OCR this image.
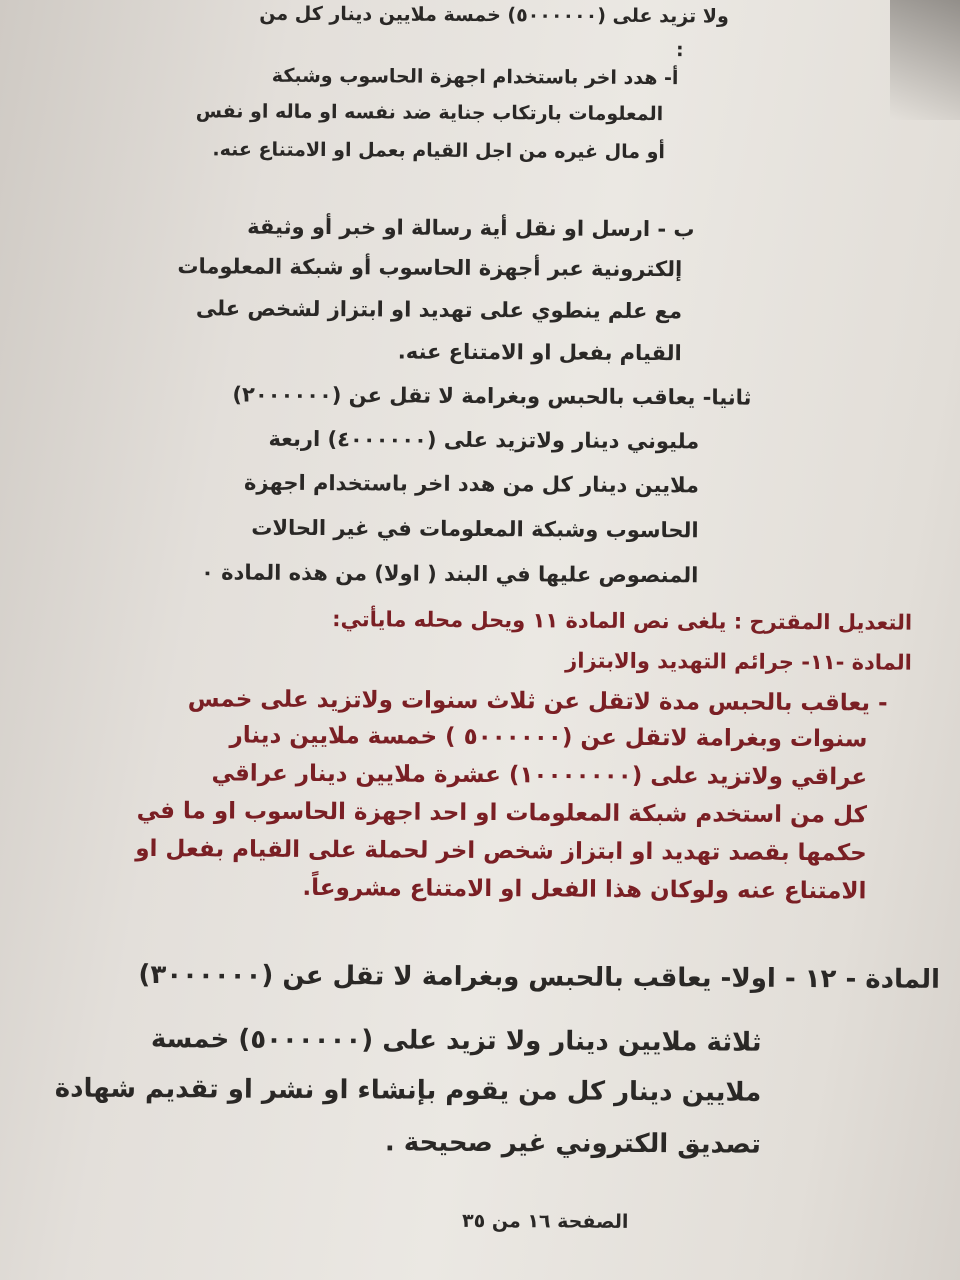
ولا تزيد على (٥٠٠٠٠٠٠) خمسة ملايين دينار كل من
:
أ- هدد اخر باستخدام اجهزة الحاسوب وشبكة
المعلومات بارتكاب جناية ضد نفسه او ماله او نفس
أو مال غيره من اجل القيام بعمل او الامتناع عنه.
ب - ارسل او نقل أية رسالة او خبر أو وثيقة
إلكترونية عبر أجهزة الحاسوب أو شبكة المعلومات
مع علم ينطوي على تهديد او ابتزاز لشخص على
القيام بفعل او الامتناع عنه.
ثانيا- يعاقب بالحبس وبغرامة لا تقل عن (٢٠٠٠٠٠٠)
مليوني دينار ولاتزيد على (٤٠٠٠٠٠٠) اربعة
ملايين دينار كل من هدد اخر باستخدام اجهزة
الحاسوب وشبكة المعلومات في غير الحالات
المنصوص عليها في البند ( اولا) من هذه المادة ٠
التعديل المقترح : يلغى نص المادة ١١ ويحل محله مايأتي:
المادة -١١- جرائم التهديد والابتزاز
- يعاقب بالحبس مدة لاتقل عن ثلاث سنوات ولاتزيد على خمس
سنوات وبغرامة لاتقل عن (٥٠٠٠٠٠٠ ) خمسة ملايين دينار
عراقي ولاتزيد على (١٠٠٠٠٠٠٠) عشرة ملايين دينار عراقي
كل من استخدم شبكة المعلومات او احد اجهزة الحاسوب او ما في
حكمها بقصد تهديد او ابتزاز شخص اخر لحملة على القيام بفعل او
الامتناع عنه ولوكان هذا الفعل او الامتناع مشروعاً.
المادة - ١٢ - اولا- يعاقب بالحبس وبغرامة لا تقل عن (٣٠٠٠٠٠٠)
ثلاثة ملايين دينار ولا تزيد على (٥٠٠٠٠٠٠) خمسة
ملايين دينار كل من يقوم بإنشاء او نشر او تقديم شهادة
تصديق الكتروني غير صحيحة .
الصفحة ١٦ من ٣٥
